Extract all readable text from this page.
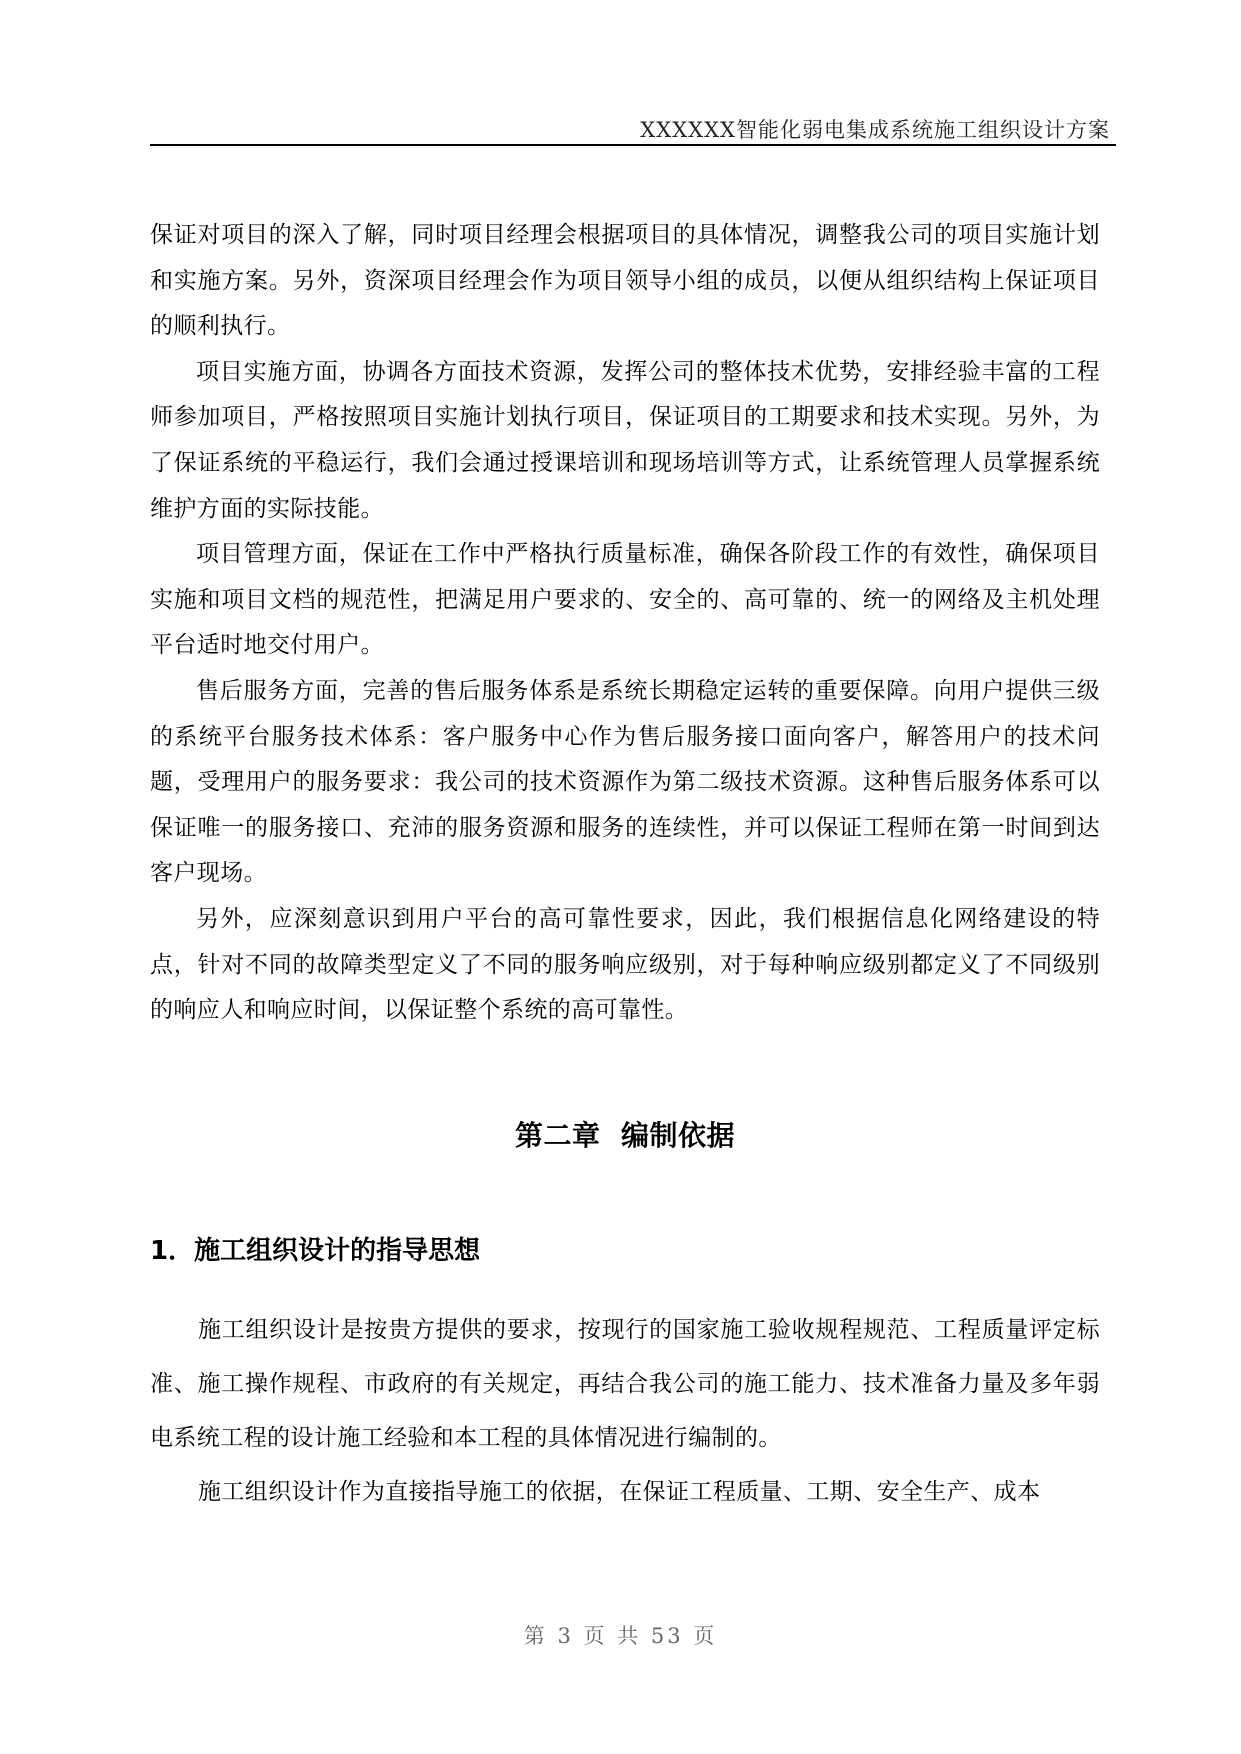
XXXXXX智能化弱电集成系统施工组织设计方案

保证对项目的深入了解，同时项目经理会根据项目的具体情况，调整我公司的项目实施计划和实施方案。另外，资深项目经理会作为项目领导小组的成员，以便从组织结构上保证项目的顺利执行。

项目实施方面，协调各方面技术资源，发挥公司的整体技术优势，安排经验丰富的工程师参加项目，严格按照项目实施计划执行项目，保证项目的工期要求和技术实现。另外，为了保证系统的平稳运行，我们会通过授课培训和现场培训等方式，让系统管理人员掌握系统维护方面的实际技能。

项目管理方面，保证在工作中严格执行质量标准，确保各阶段工作的有效性，确保项目实施和项目文档的规范性，把满足用户要求的、安全的、高可靠的、统一的网络及主机处理平台适时地交付用户。

售后服务方面，完善的售后服务体系是系统长期稳定运转的重要保障。向用户提供三级的系统平台服务技术体系：客户服务中心作为售后服务接口面向客户，解答用户的技术问题，受理用户的服务要求：我公司的技术资源作为第二级技术资源。这种售后服务体系可以保证唯一的服务接口、充沛的服务资源和服务的连续性，并可以保证工程师在第一时间到达客户现场。

另外，应深刻意识到用户平台的高可靠性要求，因此，我们根据信息化网络建设的特点，针对不同的故障类型定义了不同的服务响应级别，对于每种响应级别都定义了不同级别的响应人和响应时间，以保证整个系统的高可靠性。

第二章  编制依据
1．施工组织设计的指导思想

施工组织设计是按贵方提供的要求，按现行的国家施工验收规程规范、工程质量评定标准、施工操作规程、市政府的有关规定，再结合我公司的施工能力、技术准备力量及多年弱电系统工程的设计施工经验和本工程的具体情况进行编制的。

施工组织设计作为直接指导施工的依据，在保证工程质量、工期、安全生产、成本

第 3 页 共 53 页
